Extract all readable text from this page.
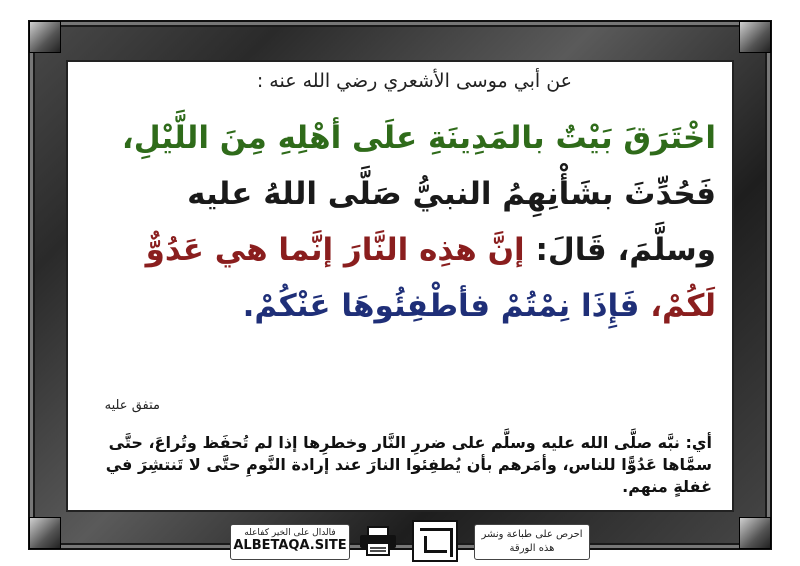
عن أبي موسى الأشعري رضي الله عنه :
اخْتَرَقَ بَيْتٌ بالمَدِينَةِ علَى أهْلِهِ مِنَ اللَّيْلِ، فَحُدِّثَ بشَأْنِهِمُ النبيُّ صَلَّى اللهُ عليه وسلَّمَ، قَالَ: إنَّ هذِه النَّارَ إنَّما هي عَدُوٌّ لَكُمْ، فَإِذَا نِمْتُمْ فأطْفِئُوهَا عَنْكُمْ.
متفق عليه
أي: نبَّه صلَّى الله عليه وسلَّم على ضررِ النَّار وخطرِها إذا لم تُحفَظ وتُراعَ، حتَّى سمَّاها عَدُوًّا للناس، وأمَرهم بأن يُطفِئوا النارَ عند إرادة النَّومِ حتَّى لا تَنتشِرَ في غفلةٍ منهم.
فالدال على الخير كفاعله
ALBETAQA.SITE
احرص على طباعة ونشر هذه الورقة
